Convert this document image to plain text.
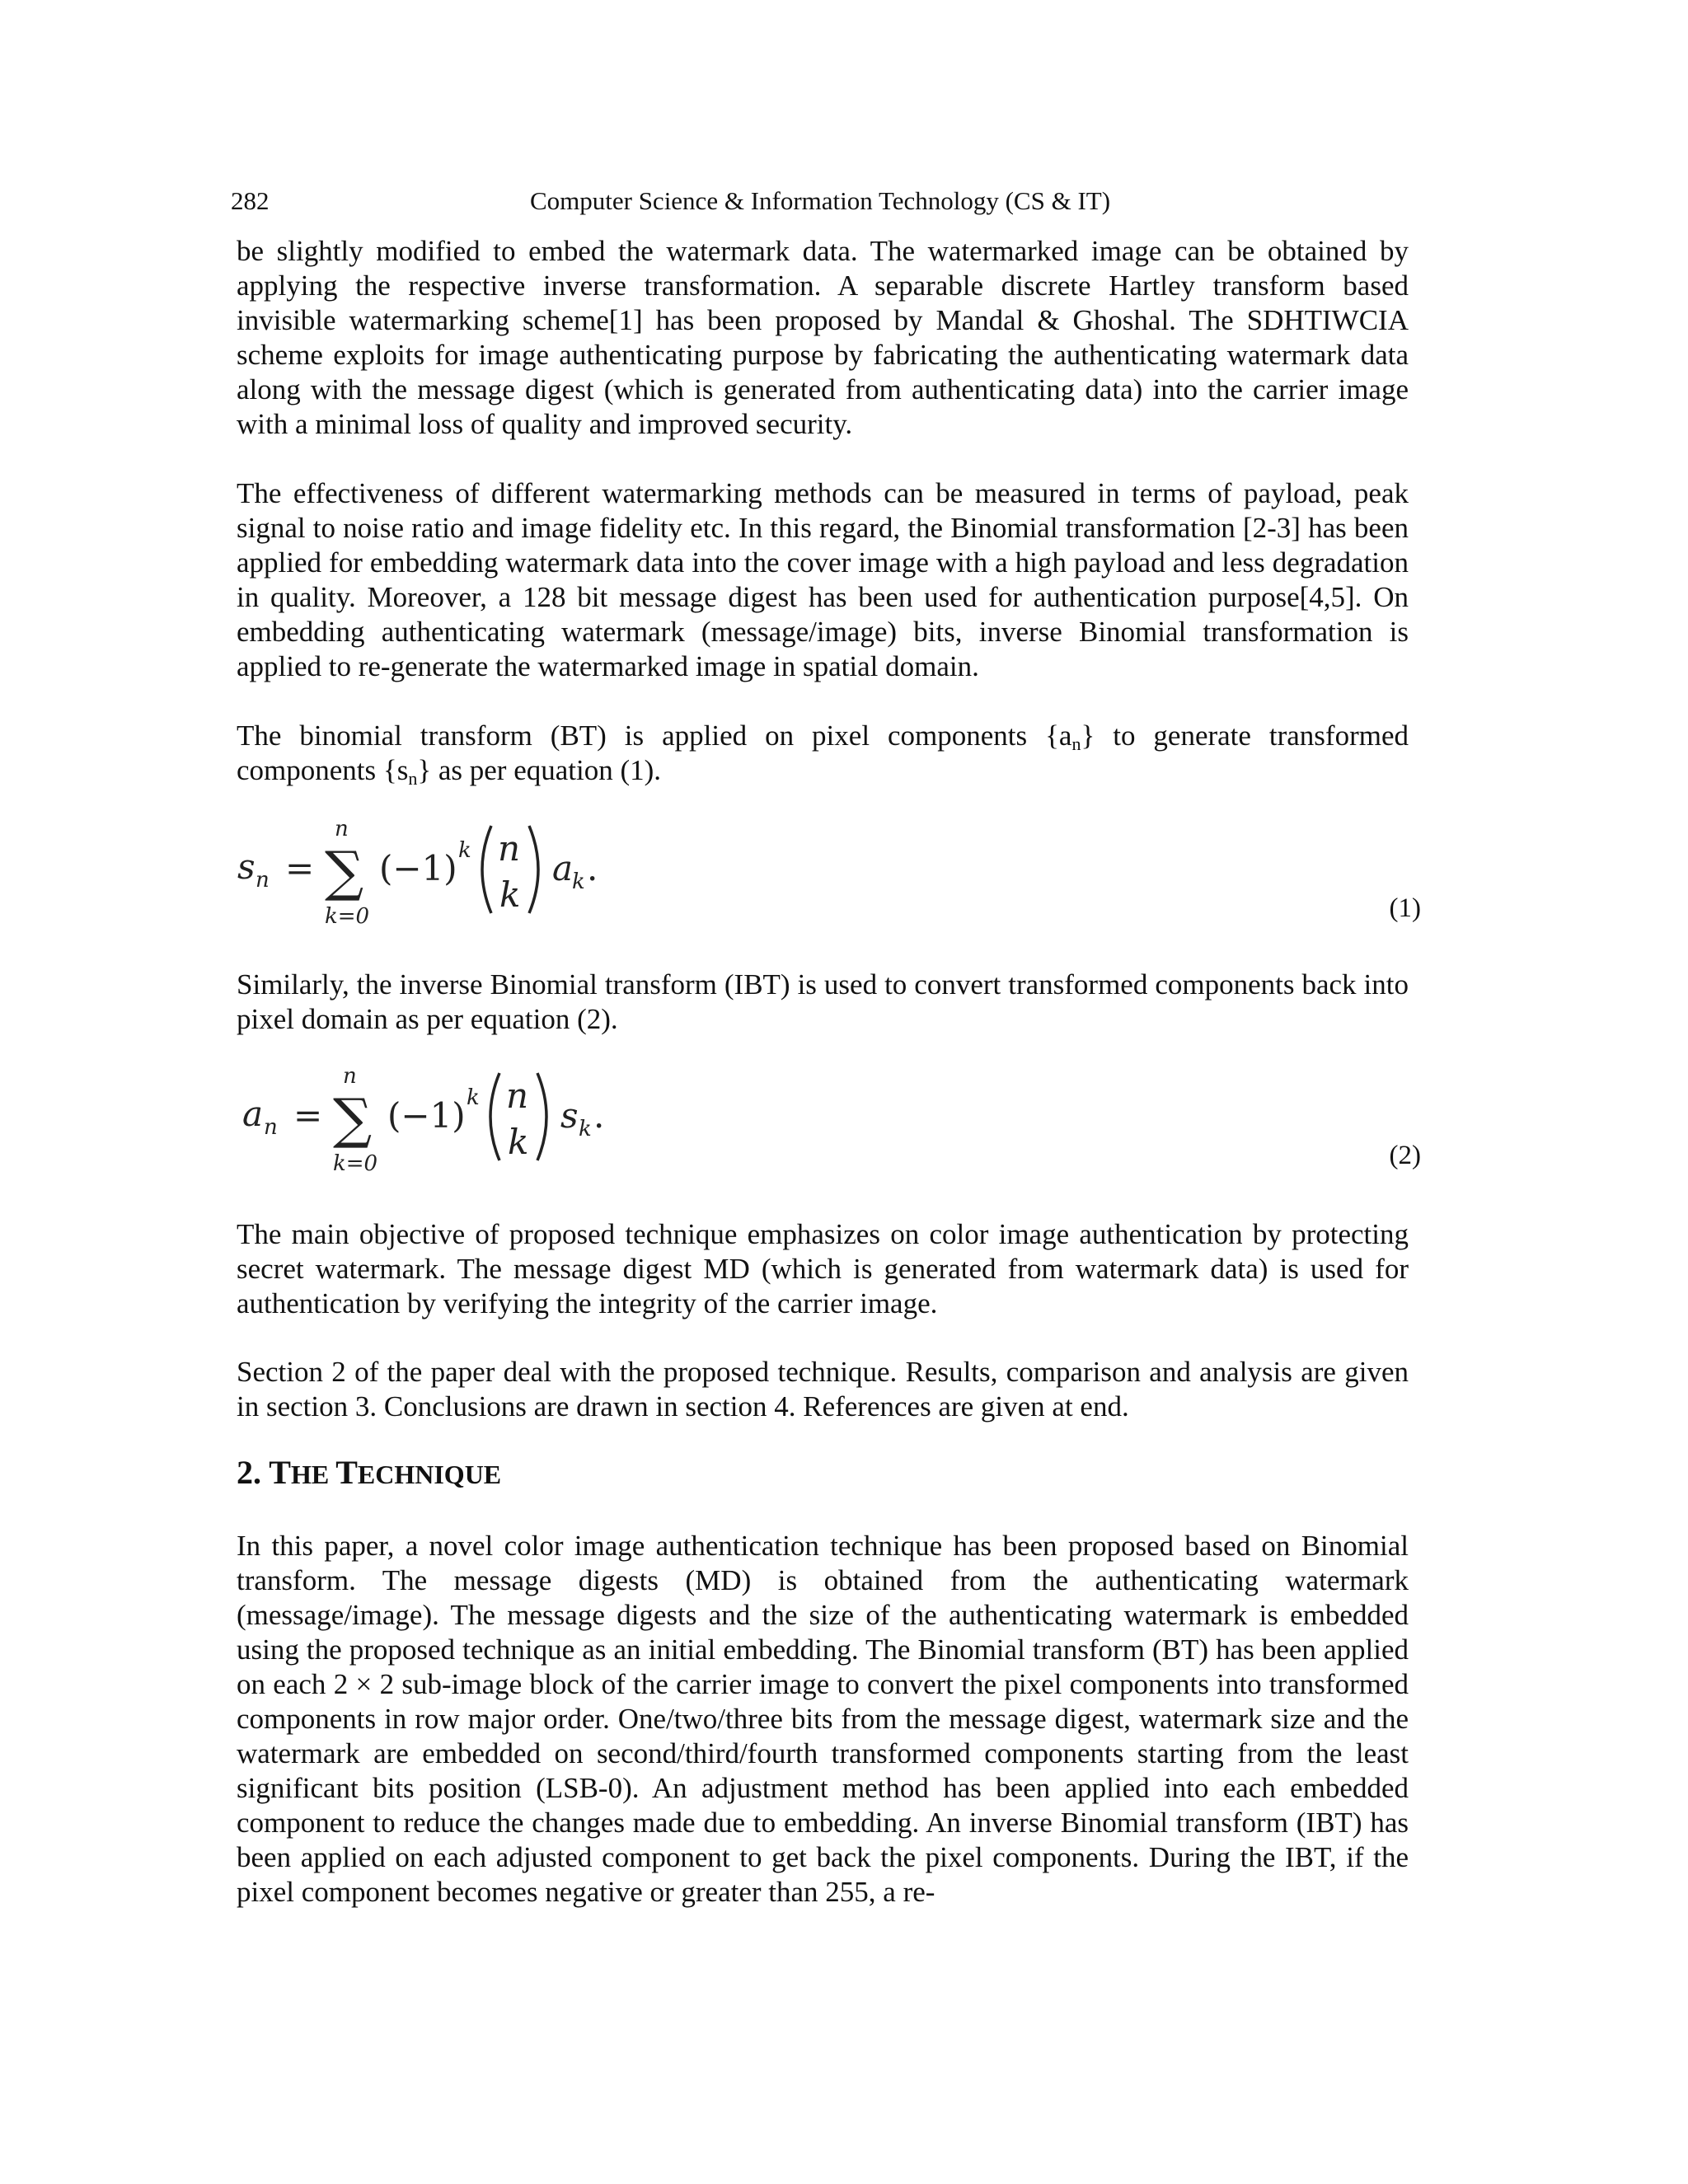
282	Computer Science & Information Technology (CS & IT)

be slightly modified to embed the watermark data. The watermarked image can be obtained by applying the respective inverse transformation. A separable discrete Hartley transform based invisible watermarking scheme[1] has been proposed by Mandal & Ghoshal. The SDHTIWCIA scheme exploits for image authenticating purpose by fabricating the authenticating watermark data along with the message digest (which is generated from authenticating data) into the carrier image with a minimal loss of quality and improved security.

The effectiveness of different watermarking methods can be measured in terms of payload, peak signal to noise ratio and image fidelity etc. In this regard, the Binomial transformation [2-3] has been applied for embedding watermark data into the cover image with a high payload and less degradation in quality. Moreover, a 128 bit message digest has been used for authentication purpose[4,5]. On embedding authenticating watermark (message/image) bits, inverse Binomial transformation is applied to re-generate the watermarked image in spatial domain.

The binomial transform (BT) is applied on pixel components $\{a_n\}$ to generate transformed components $\{s_n\}$ as per equation (1).

s n = ∑
n
k=0
(−1) k n
k
a
k .
(1)

Similarly, the inverse Binomial transform (IBT) is used to convert transformed components back into pixel domain as per equation (2).

a n = ∑
n
k=0
(−1) k n
k
s k .
(2)

The main objective of proposed technique emphasizes on color image authentication by protecting secret watermark. The message digest MD (which is generated from watermark data) is used for authentication by verifying the integrity of the carrier image.

Section 2 of the paper deal with the proposed technique. Results, comparison and analysis are given in section 3. Conclusions are drawn in section 4. References are given at end.

2. THE TECHNIQUE

In this paper, a novel color image authentication technique has been proposed based on Binomial transform. The message digests (MD) is obtained from the authenticating watermark (message/image). The message digests and the size of the authenticating watermark is embedded using the proposed technique as an initial embedding. The Binomial transform (BT) has been applied on each 2 × 2 sub-image block of the carrier image to convert the pixel components into transformed components in row major order. One/two/three bits from the message digest, watermark size and the watermark are embedded on second/third/fourth transformed components starting from the least significant bits position (LSB-0). An adjustment method has been applied into each embedded component to reduce the changes made due to embedding. An inverse Binomial transform (IBT) has been applied on each adjusted component to get back the pixel components. During the IBT, if the pixel component becomes negative or greater than 255, a re-
